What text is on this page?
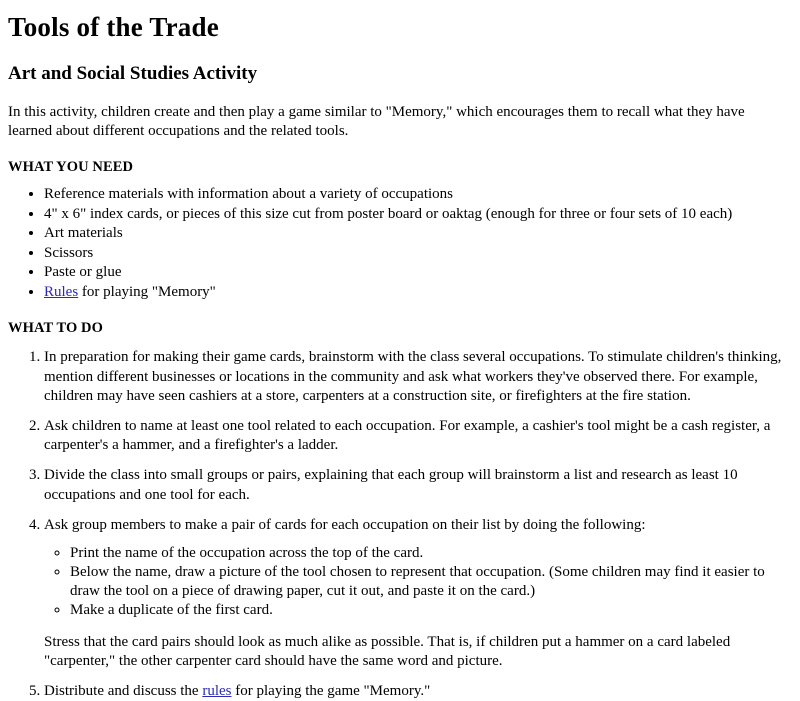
Tools of the Trade
Art and Social Studies Activity

In this activity, children create and then play a game similar to "Memory," which encourages them to recall what they have learned about different occupations and the related tools.

WHAT YOU NEED
• Reference materials with information about a variety of occupations
• 4" x 6" index cards, or pieces of this size cut from poster board or oaktag (enough for three or four sets of 10 each)
• Art materials
• Scissors
• Paste or glue
• Rules for playing "Memory"
WHAT TO DO
1. In preparation for making their game cards, brainstorm with the class several occupations. To stimulate children's thinking, mention different businesses or locations in the community and ask what workers they've observed there. For example, children may have seen cashiers at a store, carpenters at a construction site, or firefighters at the fire station.
2. Ask children to name at least one tool related to each occupation. For example, a cashier's tool might be a cash register, a carpenter's a hammer, and a firefighter's a ladder.
3. Divide the class into small groups or pairs, explaining that each group will brainstorm a list and research as least 10 occupations and one tool for each.
4. Ask group members to make a pair of cards for each occupation on their list by doing the following:
◦ Print the name of the occupation across the top of the card.
◦ Below the name, draw a picture of the tool chosen to represent that occupation. (Some children may find it easier to draw the tool on a piece of drawing paper, cut it out, and paste it on the card.)
◦ Make a duplicate of the first card.

Stress that the card pairs should look as much alike as possible. That is, if children put a hammer on a card labeled "carpenter," the other carpenter card should have the same word and picture.

5. Distribute and discuss the rules for playing the game "Memory."
